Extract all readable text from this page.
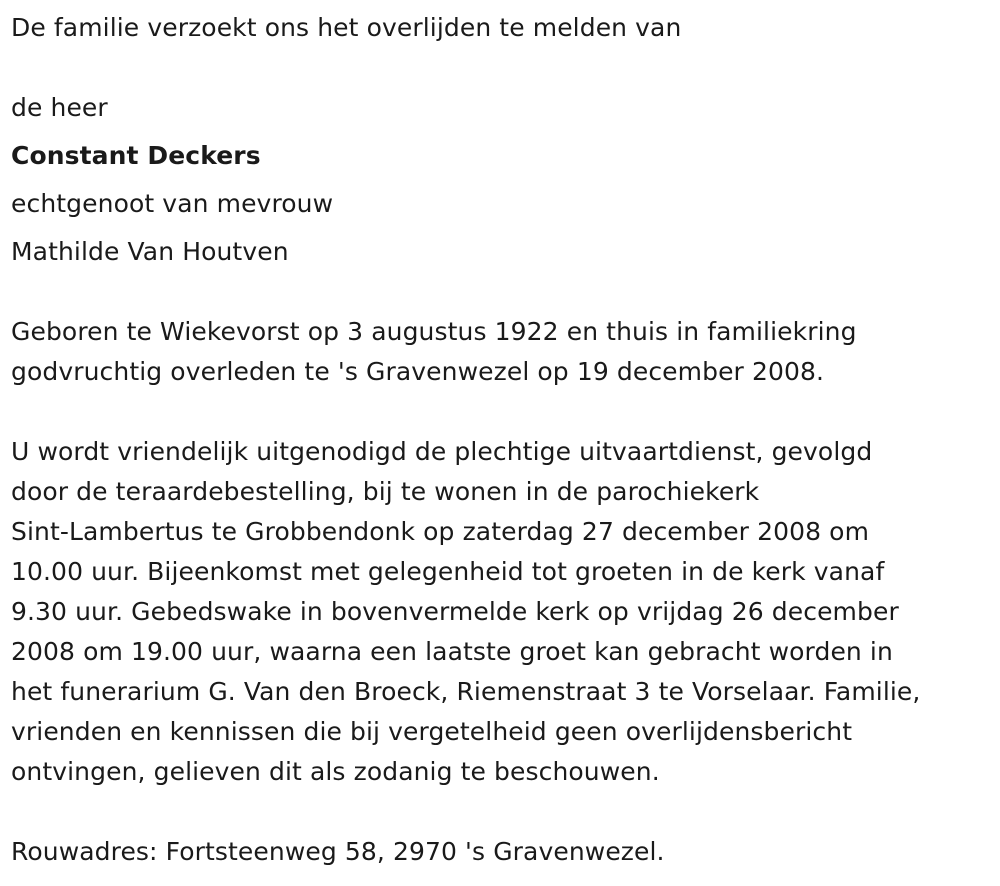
De familie verzoekt ons het overlijden te melden van
de heer
Constant Deckers
echtgenoot van mevrouw
Mathilde Van Houtven
Geboren te Wiekevorst op 3 augustus 1922 en thuis in familiekring
godvruchtig overleden te 's Gravenwezel op 19 december 2008.
U wordt vriendelijk uitgenodigd de plechtige uitvaartdienst, gevolgd
door de teraardebestelling, bij te wonen in de parochiekerk
Sint-Lambertus te Grobbendonk op zaterdag 27 december 2008 om
10.00 uur. Bijeenkomst met gelegenheid tot groeten in de kerk vanaf
9.30 uur. Gebedswake in bovenvermelde kerk op vrijdag 26 december
2008 om 19.00 uur, waarna een laatste groet kan gebracht worden in
het funerarium G. Van den Broeck, Riemenstraat 3 te Vorselaar. Familie,
vrienden en kennissen die bij vergetelheid geen overlijdensbericht
ontvingen, gelieven dit als zodanig te beschouwen.
Rouwadres: Fortsteenweg 58, 2970 's Gravenwezel.
